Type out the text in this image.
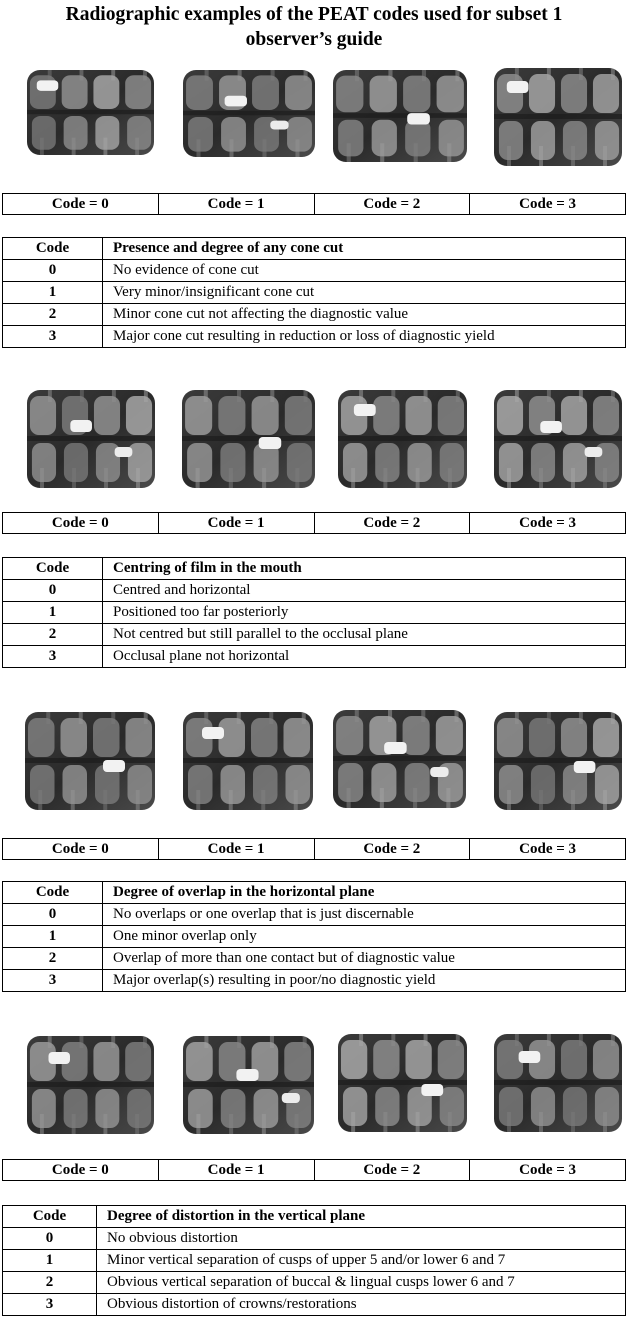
Radiographic examples of the PEAT codes used for subset 1
observer’s guide
Code = 0	Code = 1	Code = 2	Code = 3
Code	Presence and degree of any cone cut
0	No evidence of cone cut
1	Very minor/insignificant cone cut
2	Minor cone cut not affecting the diagnostic value
3	Major cone cut resulting in reduction or loss of diagnostic yield
Code = 0	Code = 1	Code = 2	Code = 3
Code	Centring of film in the mouth
0	Centred and horizontal
1	Positioned too far posteriorly
2	Not centred but still parallel to the occlusal plane
3	Occlusal plane not horizontal
Code = 0	Code = 1	Code = 2	Code = 3
Code	Degree of overlap in the horizontal plane
0	No overlaps or one overlap that is just discernable
1	One minor overlap only
2	Overlap of more than one contact but of diagnostic value
3	Major overlap(s) resulting in poor/no diagnostic yield
Code = 0	Code = 1	Code = 2	Code = 3
Code	Degree of distortion in the vertical plane
0	No obvious distortion
1	Minor vertical separation of cusps of upper 5 and/or lower 6 and 7
2	Obvious vertical separation of buccal & lingual cusps lower 6 and 7
3	Obvious distortion of crowns/restorations
